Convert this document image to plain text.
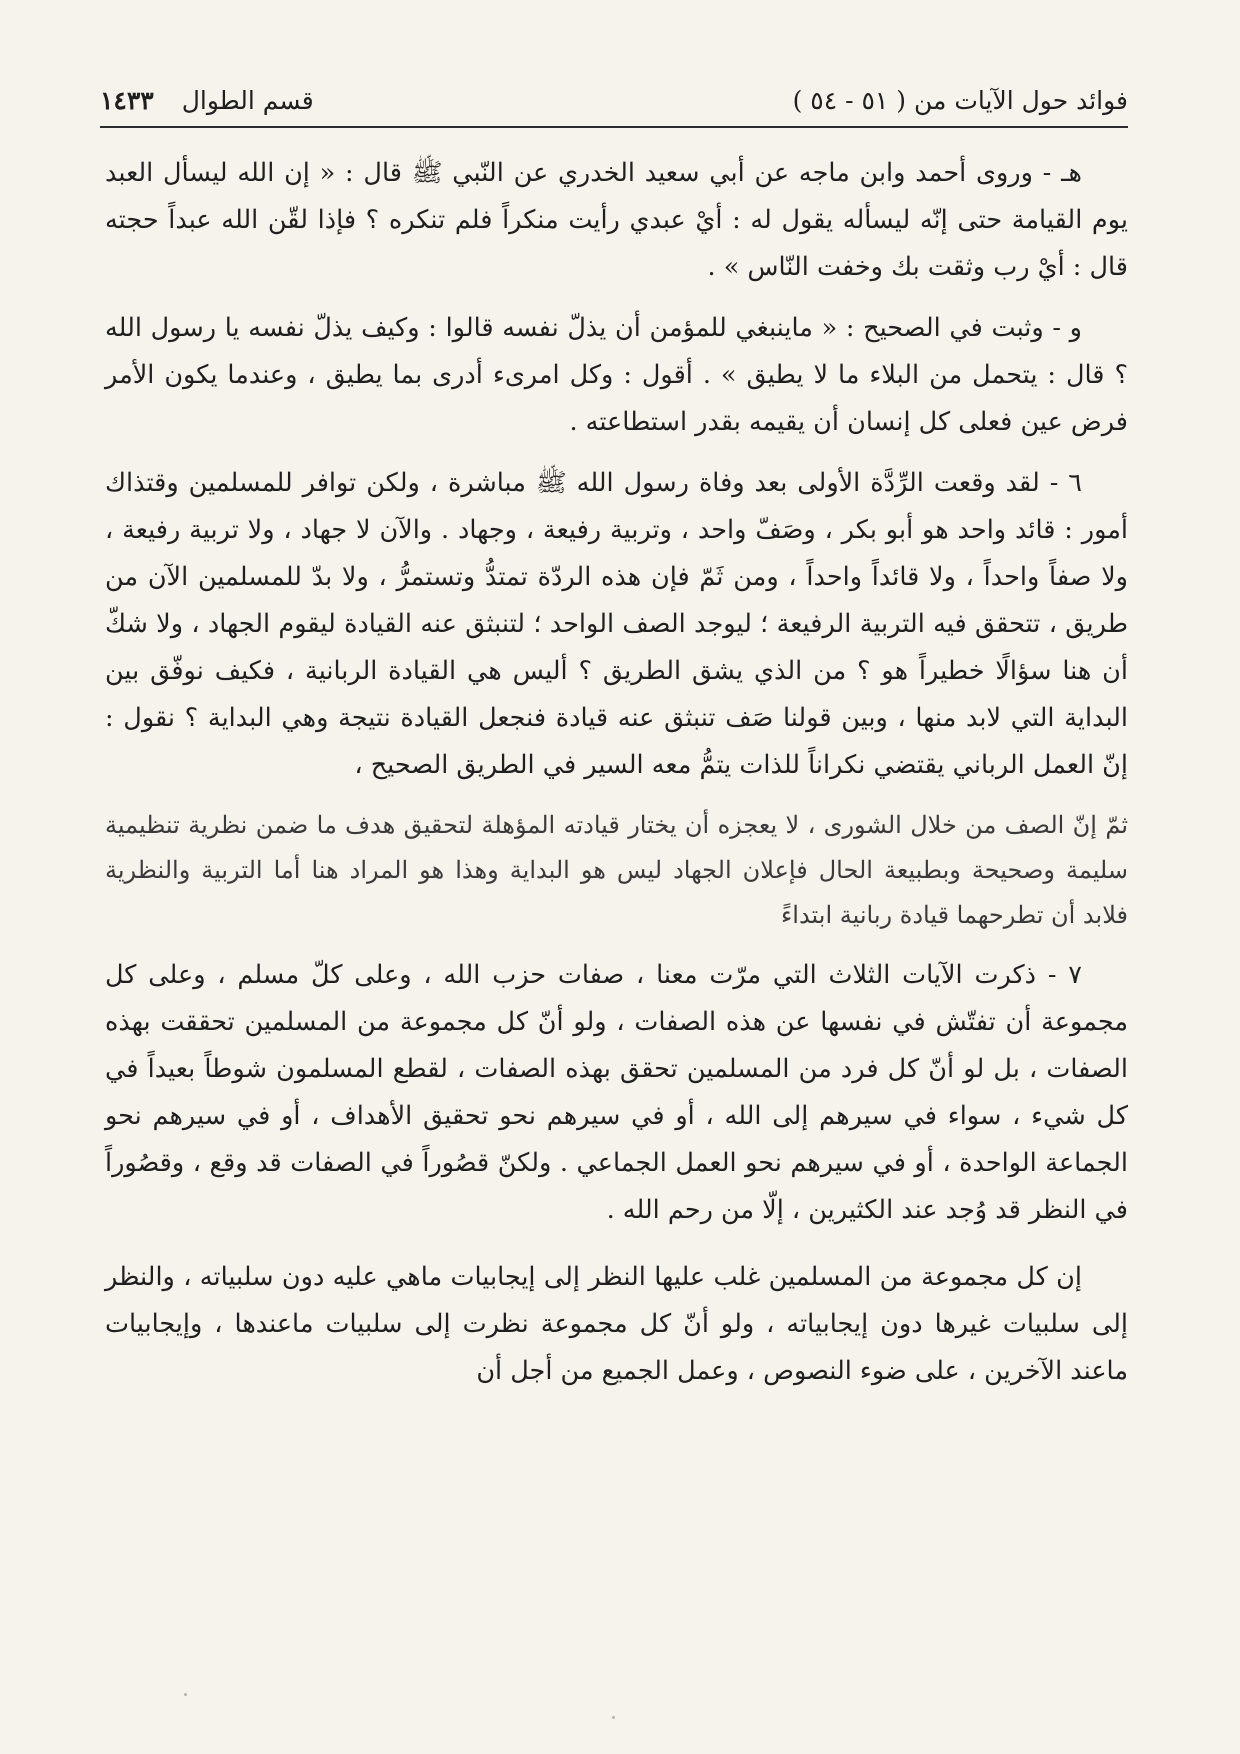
فوائد حول الآيات من ( ٥١ - ٥٤ )
قسم الطوال
١٤٣٣

هـ - وروى أحمد وابن ماجه عن أبي سعيد الخدري عن النّبي ﷺ قال : « إن الله ليسأل العبد يوم القيامة حتى إنّه ليسأله يقول له : أيْ عبدي رأيت منكراً فلم تنكره ؟ فإذا لقّن الله عبداً حجته قال : أيْ رب وثقت بك وخفت النّاس » .

و - وثبت في الصحيح : « ماينبغي للمؤمن أن يذلّ نفسه قالوا : وكيف يذلّ نفسه يا رسول الله ؟ قال : يتحمل من البلاء ما لا يطيق » . أقول : وكل امرىء أدرى بما يطيق ، وعندما يكون الأمر فرض عين فعلى كل إنسان أن يقيمه بقدر استطاعته .

٦ - لقد وقعت الرِّدَّة الأولى بعد وفاة رسول الله ﷺ مباشرة ، ولكن توافر للمسلمين وقتذاك أمور : قائد واحد هو أبو بكر ، وصَفّ واحد ، وتربية رفيعة ، وجهاد . والآن لا جهاد ، ولا تربية رفيعة ، ولا صفاً واحداً ، ولا قائداً واحداً ، ومن ثَمّ فإن هذه الردّة تمتدُّ وتستمرُّ ، ولا بدّ للمسلمين الآن من طريق ، تتحقق فيه التربية الرفيعة ؛ ليوجد الصف الواحد ؛ لتنبثق عنه القيادة ليقوم الجهاد ، ولا شكّ أن هنا سؤالًا خطيراً هو ؟ من الذي يشق الطريق ؟ أليس هي القيادة الربانية ، فكيف نوفّق بين البداية التي لابد منها ، وبين قولنا صَف تنبثق عنه قيادة فنجعل القيادة نتيجة وهي البداية ؟ نقول : إنّ العمل الرباني يقتضي نكراناً للذات يتمُّ معه السير في الطريق الصحيح ،

ثمّ إنّ الصف من خلال الشورى ، لا يعجزه أن يختار قيادته المؤهلة لتحقيق هدف ما ضمن نظرية تنظيمية سليمة وصحيحة وبطبيعة الحال فإعلان الجهاد ليس هو البداية وهذا هو المراد هنا أما التربية والنظرية فلابد أن تطرحهما قيادة ربانية ابتداءً

٧ - ذكرت الآيات الثلاث التي مرّت معنا ، صفات حزب الله ، وعلى كلّ مسلم ، وعلى كل مجموعة أن تفتّش في نفسها عن هذه الصفات ، ولو أنّ كل مجموعة من المسلمين تحققت بهذه الصفات ، بل لو أنّ كل فرد من المسلمين تحقق بهذه الصفات ، لقطع المسلمون شوطاً بعيداً في كل شيء ، سواء في سيرهم إلى الله ، أو في سيرهم نحو تحقيق الأهداف ، أو في سيرهم نحو الجماعة الواحدة ، أو في سيرهم نحو العمل الجماعي . ولكنّ قصُوراً في الصفات قد وقع ، وقصُوراً في النظر قد وُجد عند الكثيرين ، إلّا من رحم الله .

إن كل مجموعة من المسلمين غلب عليها النظر إلى إيجابيات ماهي عليه دون سلبياته ، والنظر إلى سلبيات غيرها دون إيجابياته ، ولو أنّ كل مجموعة نظرت إلى سلبيات ماعندها ، وإيجابيات ماعند الآخرين ، على ضوء النصوص ، وعمل الجميع من أجل أن
